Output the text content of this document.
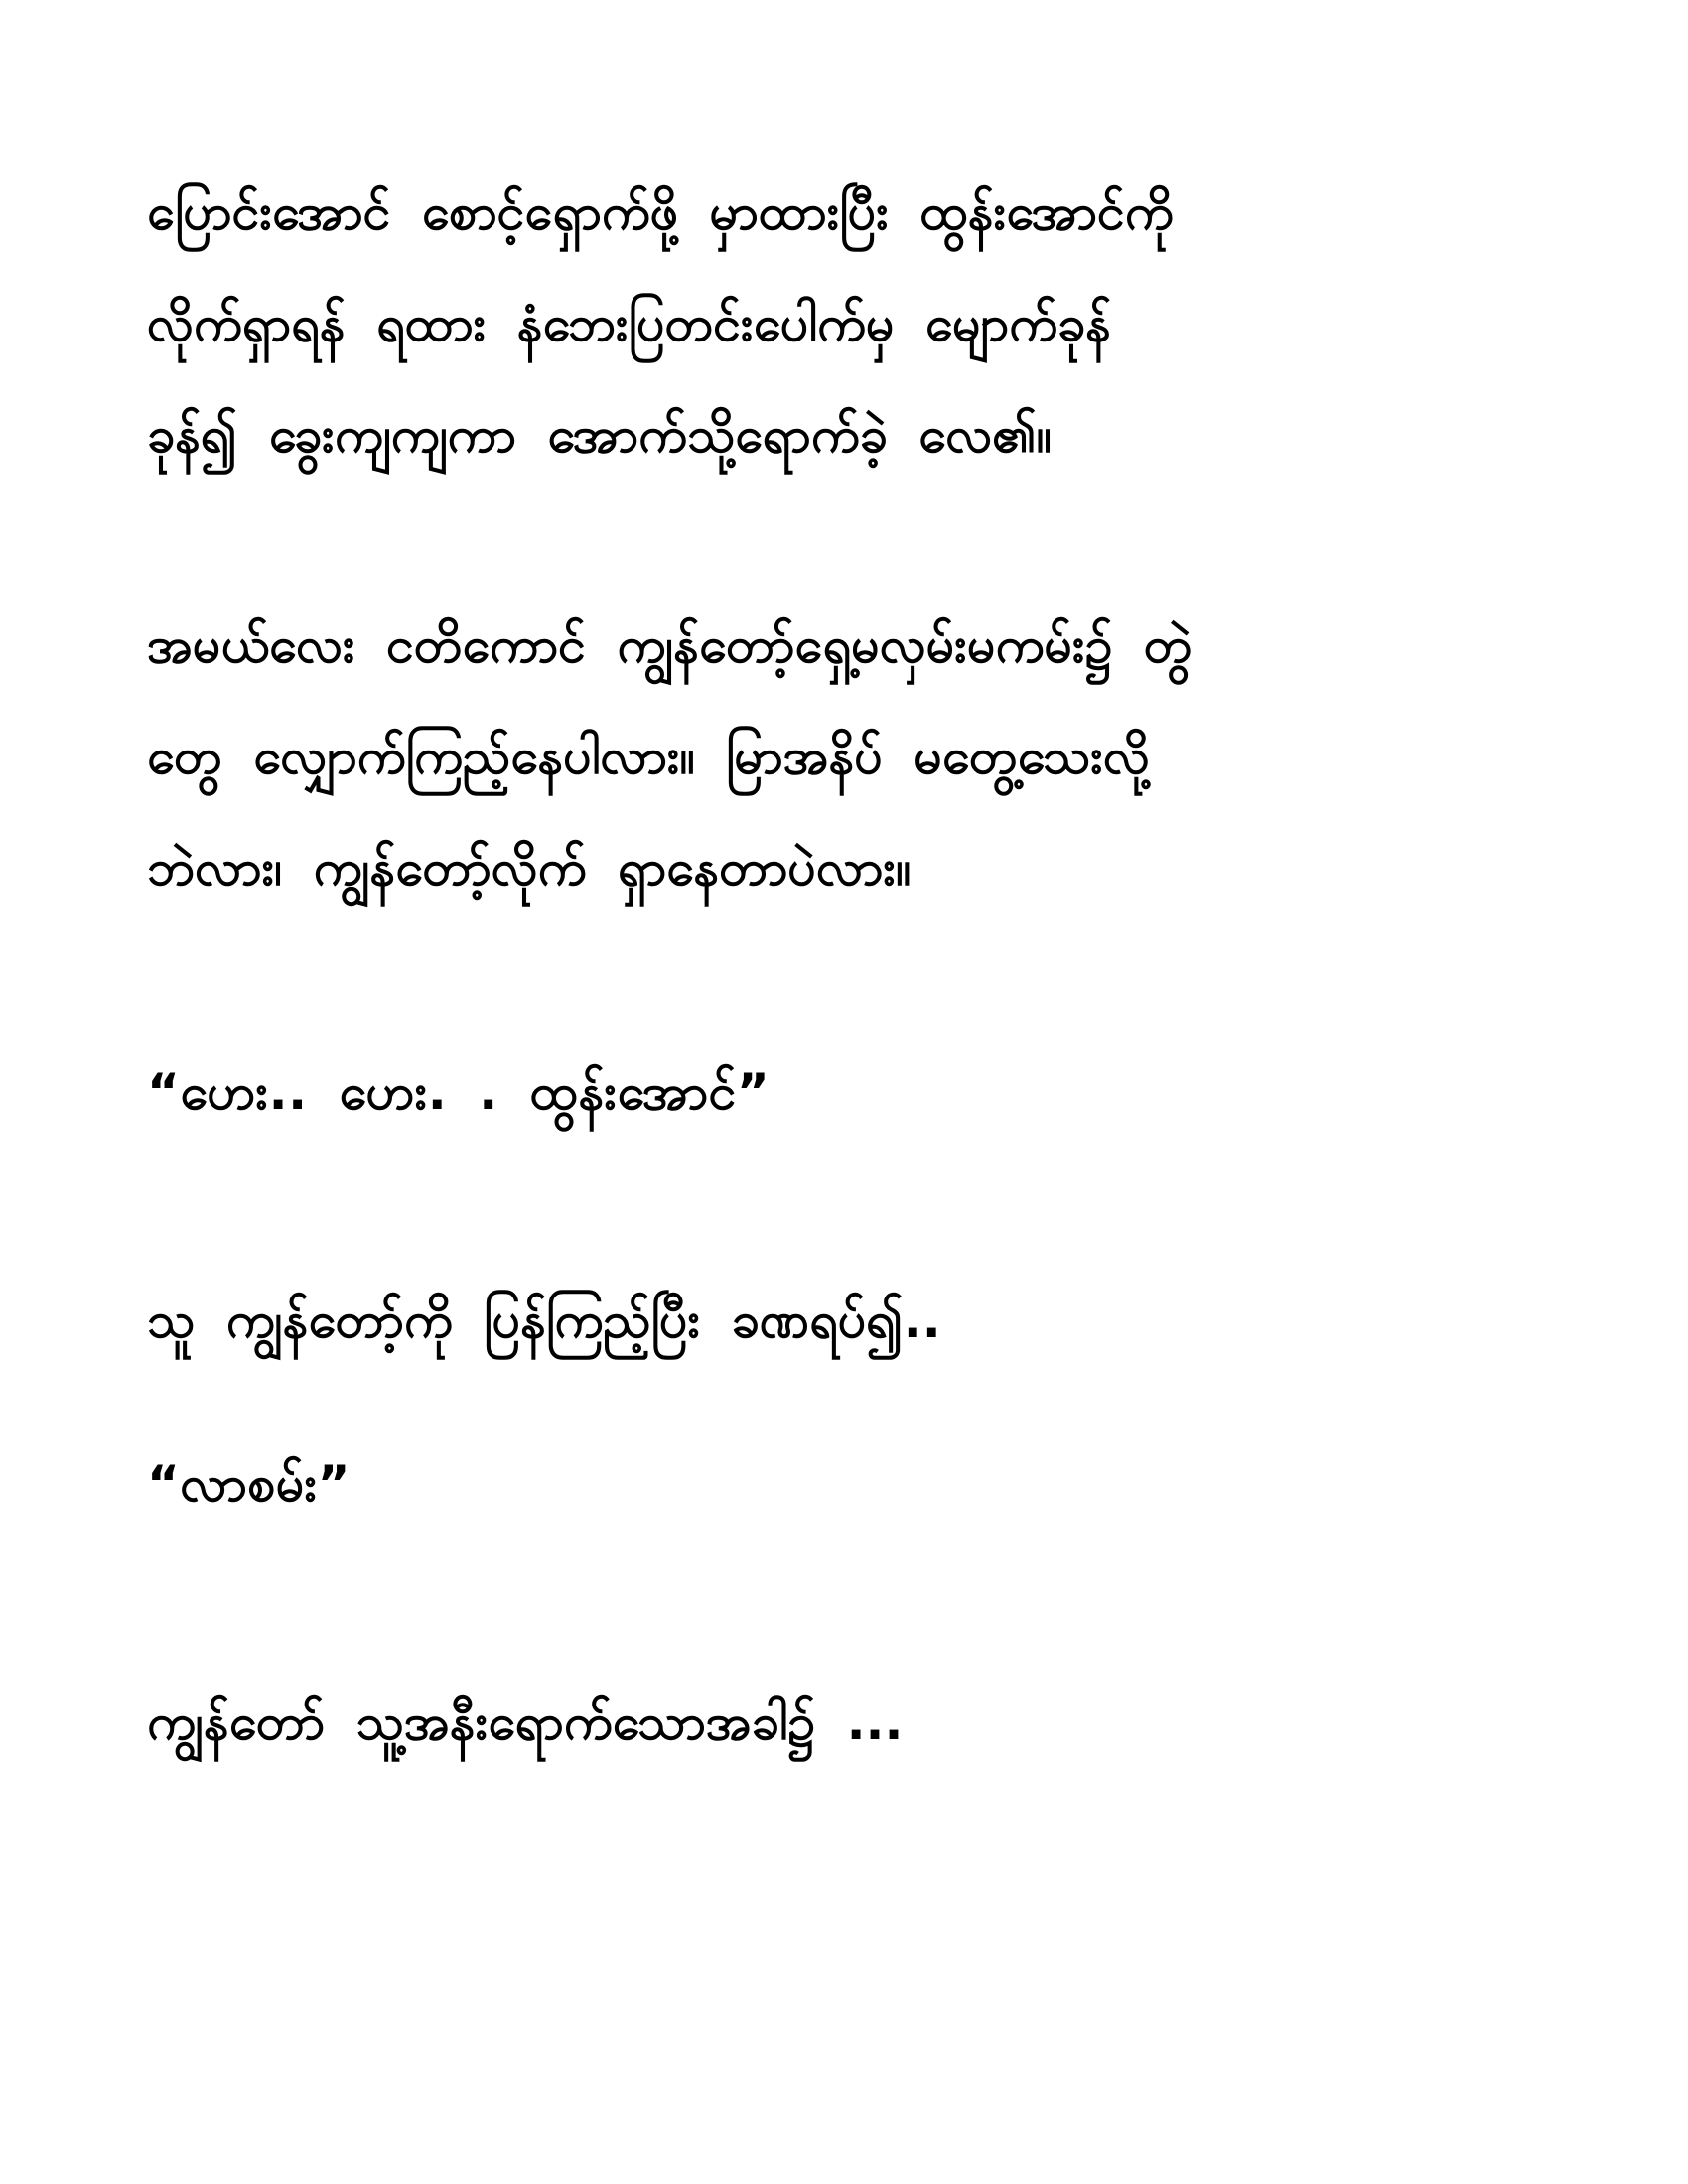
ပြောင်းအောင် စောင့်ရှောက်ဖို့ မှာထားပြီး ထွန်းအောင်ကို
လိုက်ရှာရန် ရထား နံဘေးပြတင်းပေါက်မှ မျောက်ခုန်
ခုန်၍ ခွေးကျကျကာ အောက်သို့ရောက်ခဲ့ လေ၏။
အမယ်လေး ငတိကောင် ကျွန်တော့်ရှေ့မလှမ်းမကမ်း၌ တွဲ
တွေ လျှောက်ကြည့်နေပါလား။ မြာအနိပ် မတွေ့သေးလို့
ဘဲလား၊ ကျွန်တော့်လိုက် ရှာနေတာပဲလား။
“ဟေး.. ဟေး. . ထွန်းအောင်”
သူ ကျွန်တော့်ကို ပြန်ကြည့်ပြီး ခဏရပ်၍..
“လာစမ်း”
ကျွန်တော် သူ့အနီးရောက်သောအခါ၌ ...
